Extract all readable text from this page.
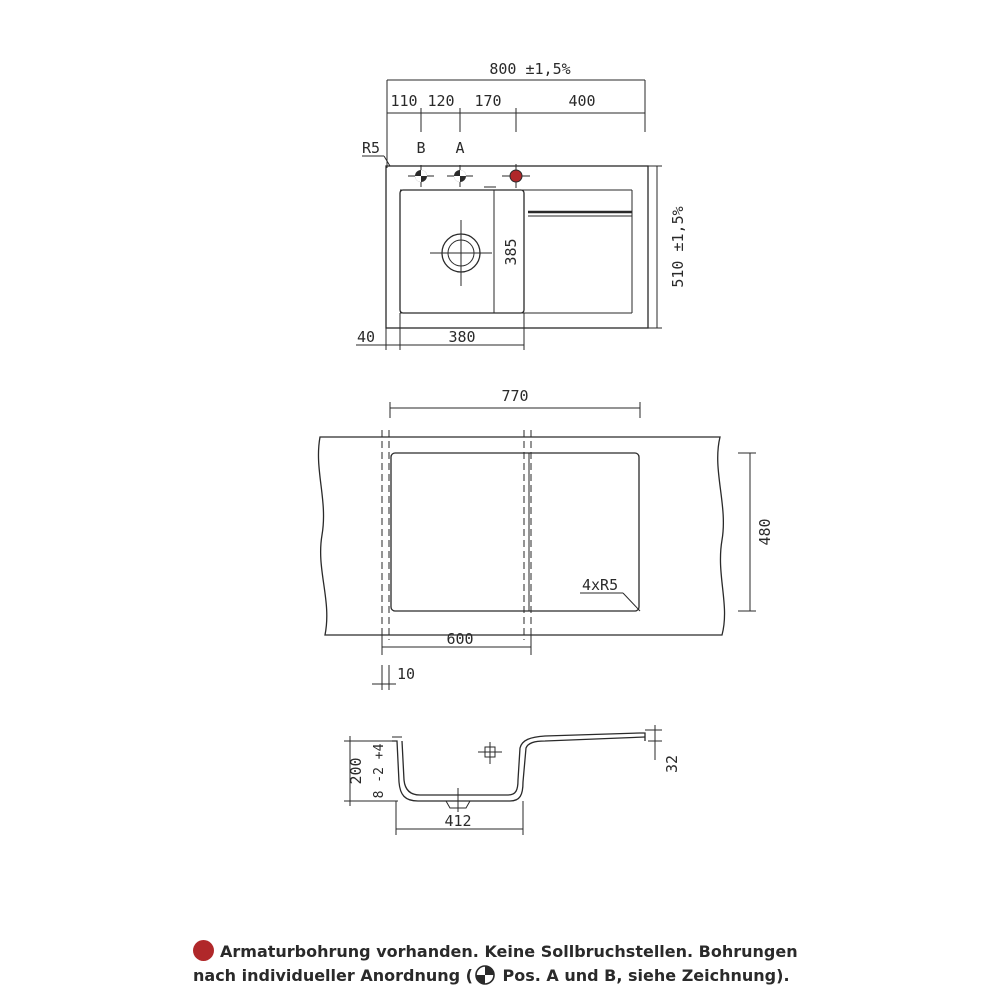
800 ±1,5%
110 120 170	400
R5 B A
510 ±1,5%
385
40	380
770
4xR5
480
600
10
32
200 8 -2 +4
412
Armaturbohrung vorhanden. Keine Sollbruchstellen. Bohrungen
nach individueller Anordnung ( Pos. A und B, siehe Zeichnung).
